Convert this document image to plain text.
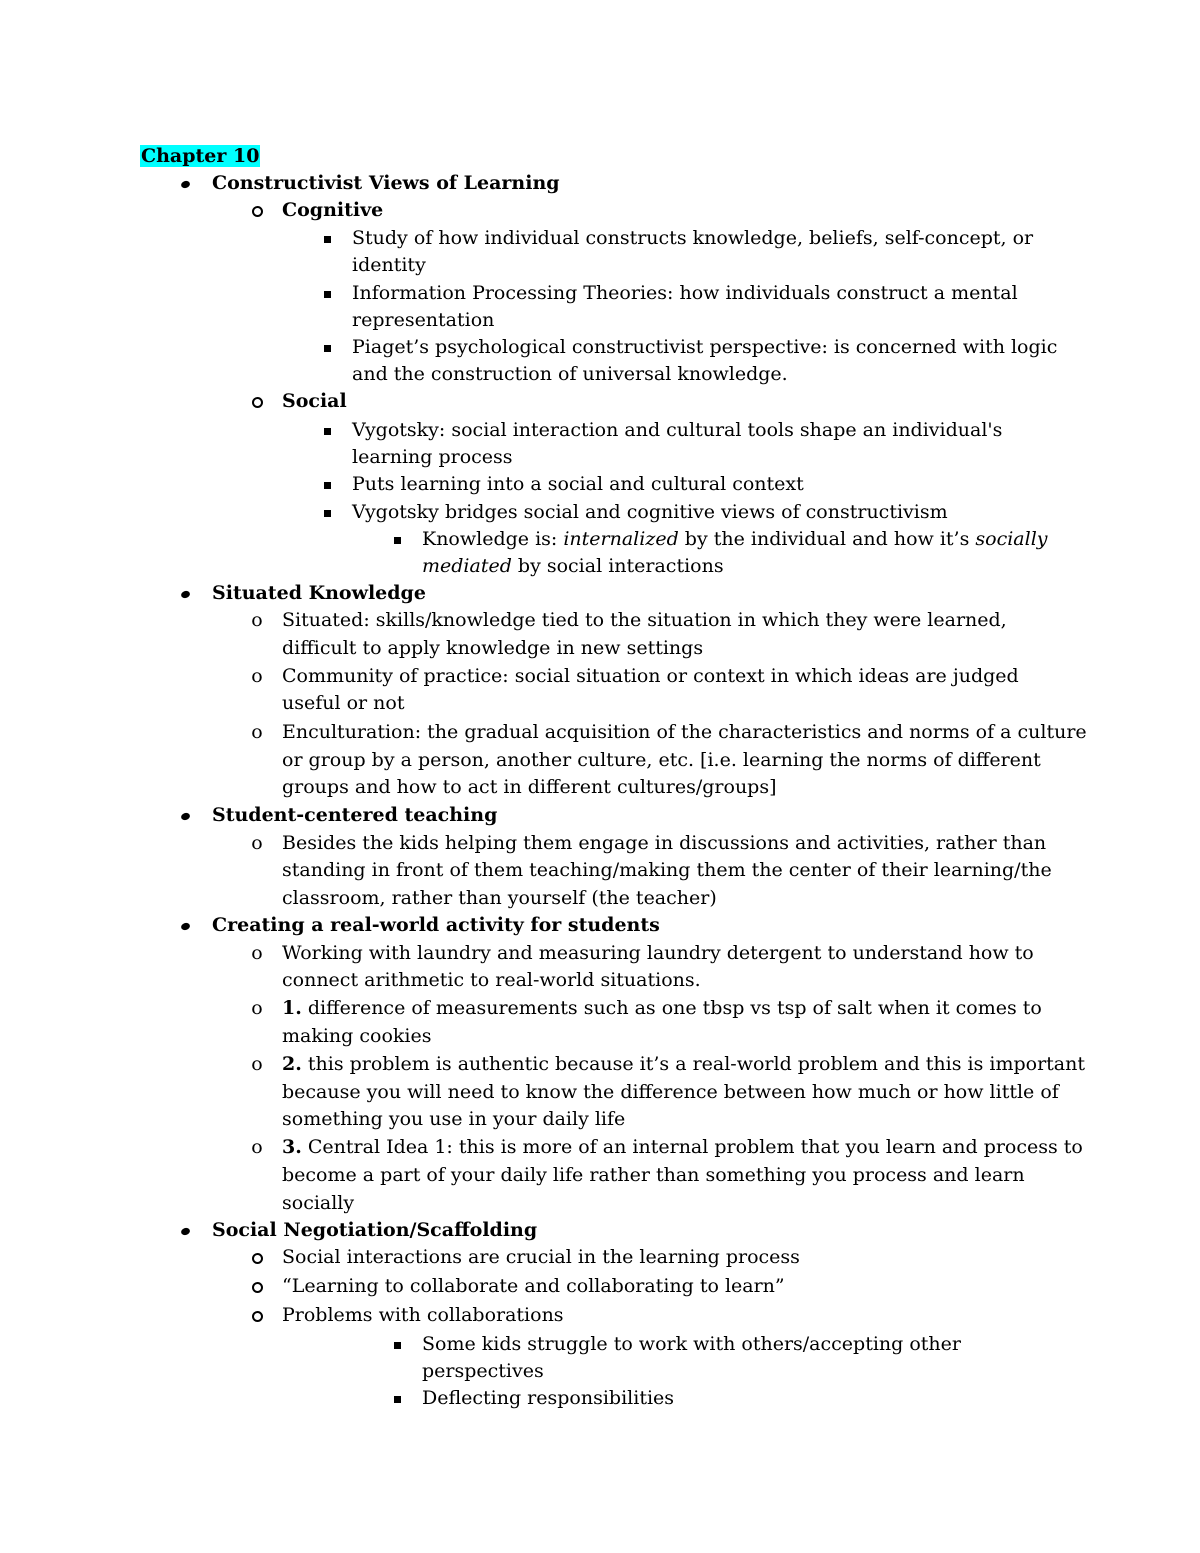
Chapter 10
Constructivist Views of Learning
Cognitive
Study of how individual constructs knowledge, beliefs, self-concept, or
identity
Information Processing Theories: how individuals construct a mental
representation
Piaget’s psychological constructivist perspective: is concerned with logic
and the construction of universal knowledge.
Social
Vygotsky: social interaction and cultural tools shape an individual's
learning process
Puts learning into a social and cultural context
Vygotsky bridges social and cognitive views of constructivism
Knowledge is: internalized by the individual and how it’s socially
mediated by social interactions
Situated Knowledge
o Situated: skills/knowledge tied to the situation in which they were learned,
difficult to apply knowledge in new settings
o Community of practice: social situation or context in which ideas are judged
useful or not
o Enculturation: the gradual acquisition of the characteristics and norms of a culture
or group by a person, another culture, etc. [i.e. learning the norms of different
groups and how to act in different cultures/groups]
Student-centered teaching
o Besides the kids helping them engage in discussions and activities, rather than
standing in front of them teaching/making them the center of their learning/the
classroom, rather than yourself (the teacher)
Creating a real-world activity for students
o Working with laundry and measuring laundry detergent to understand how to
connect arithmetic to real-world situations.
o 1. difference of measurements such as one tbsp vs tsp of salt when it comes to
making cookies
o 2. this problem is authentic because it’s a real-world problem and this is important
because you will need to know the difference between how much or how little of
something you use in your daily life
o 3. Central Idea 1: this is more of an internal problem that you learn and process to
become a part of your daily life rather than something you process and learn
socially
Social Negotiation/Scaffolding
Social interactions are crucial in the learning process
“Learning to collaborate and collaborating to learn”
Problems with collaborations
Some kids struggle to work with others/accepting other
perspectives
Deflecting responsibilities
